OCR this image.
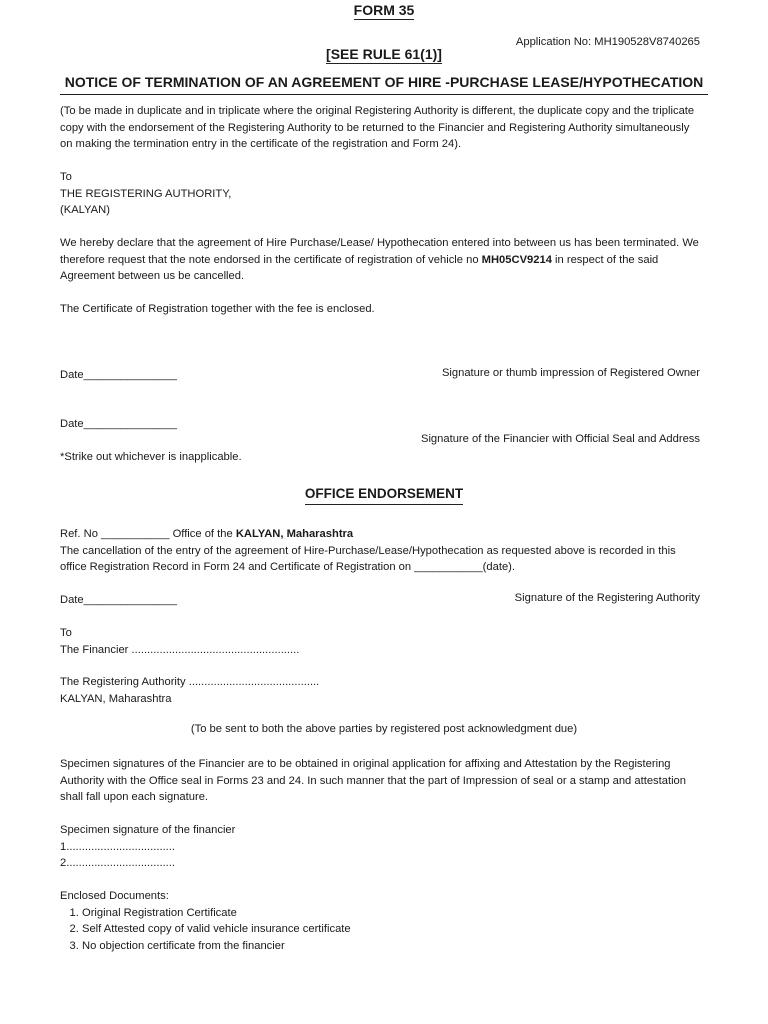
FORM 35
[SEE RULE 61(1)]
Application No: MH190528V8740265
NOTICE OF TERMINATION OF AN AGREEMENT OF HIRE -PURCHASE LEASE/HYPOTHECATION
(To be made in duplicate and in triplicate where the original Registering Authority is different, the duplicate copy and the triplicate
copy with the endorsement of the Registering Authority to be returned to the Financier and Registering Authority simultaneously
on making the termination entry in the certificate of the registration and Form 24).
To
THE REGISTERING AUTHORITY,
(KALYAN)
We hereby declare that the agreement of Hire Purchase/Lease/ Hypothecation entered into between us has been terminated. We
therefore request that the note endorsed in the certificate of registration of vehicle no MH05CV9214 in respect of the said
Agreement between us be cancelled.
The Certificate of Registration together with the fee is enclosed.
Date_______________	Signature or thumb impression of Registered Owner
Date_______________
Signature of the Financier with Official Seal and Address
*Strike out whichever is inapplicable.
OFFICE ENDORSEMENT
Ref. No ___________ Office of the KALYAN, Maharashtra
The cancellation of the entry of the agreement of Hire-Purchase/Lease/Hypothecation as requested above is recorded in this
office Registration Record in Form 24 and Certificate of Registration on ___________(date).
Date_______________	Signature of the Registering Authority
To
The Financier ......................................................
The Registering Authority ..........................................
KALYAN, Maharashtra
(To be sent to both the above parties by registered post acknowledgment due)
Specimen signatures of the Financier are to be obtained in original application for affixing and Attestation by the Registering
Authority with the Office seal in Forms 23 and 24. In such manner that the part of Impression of seal or a stamp and attestation
shall fall upon each signature.
Specimen signature of the financier
1...................................
2...................................
Enclosed Documents:
1. Original Registration Certificate
2. Self Attested copy of valid vehicle insurance certificate
3. No objection certificate from the financier
